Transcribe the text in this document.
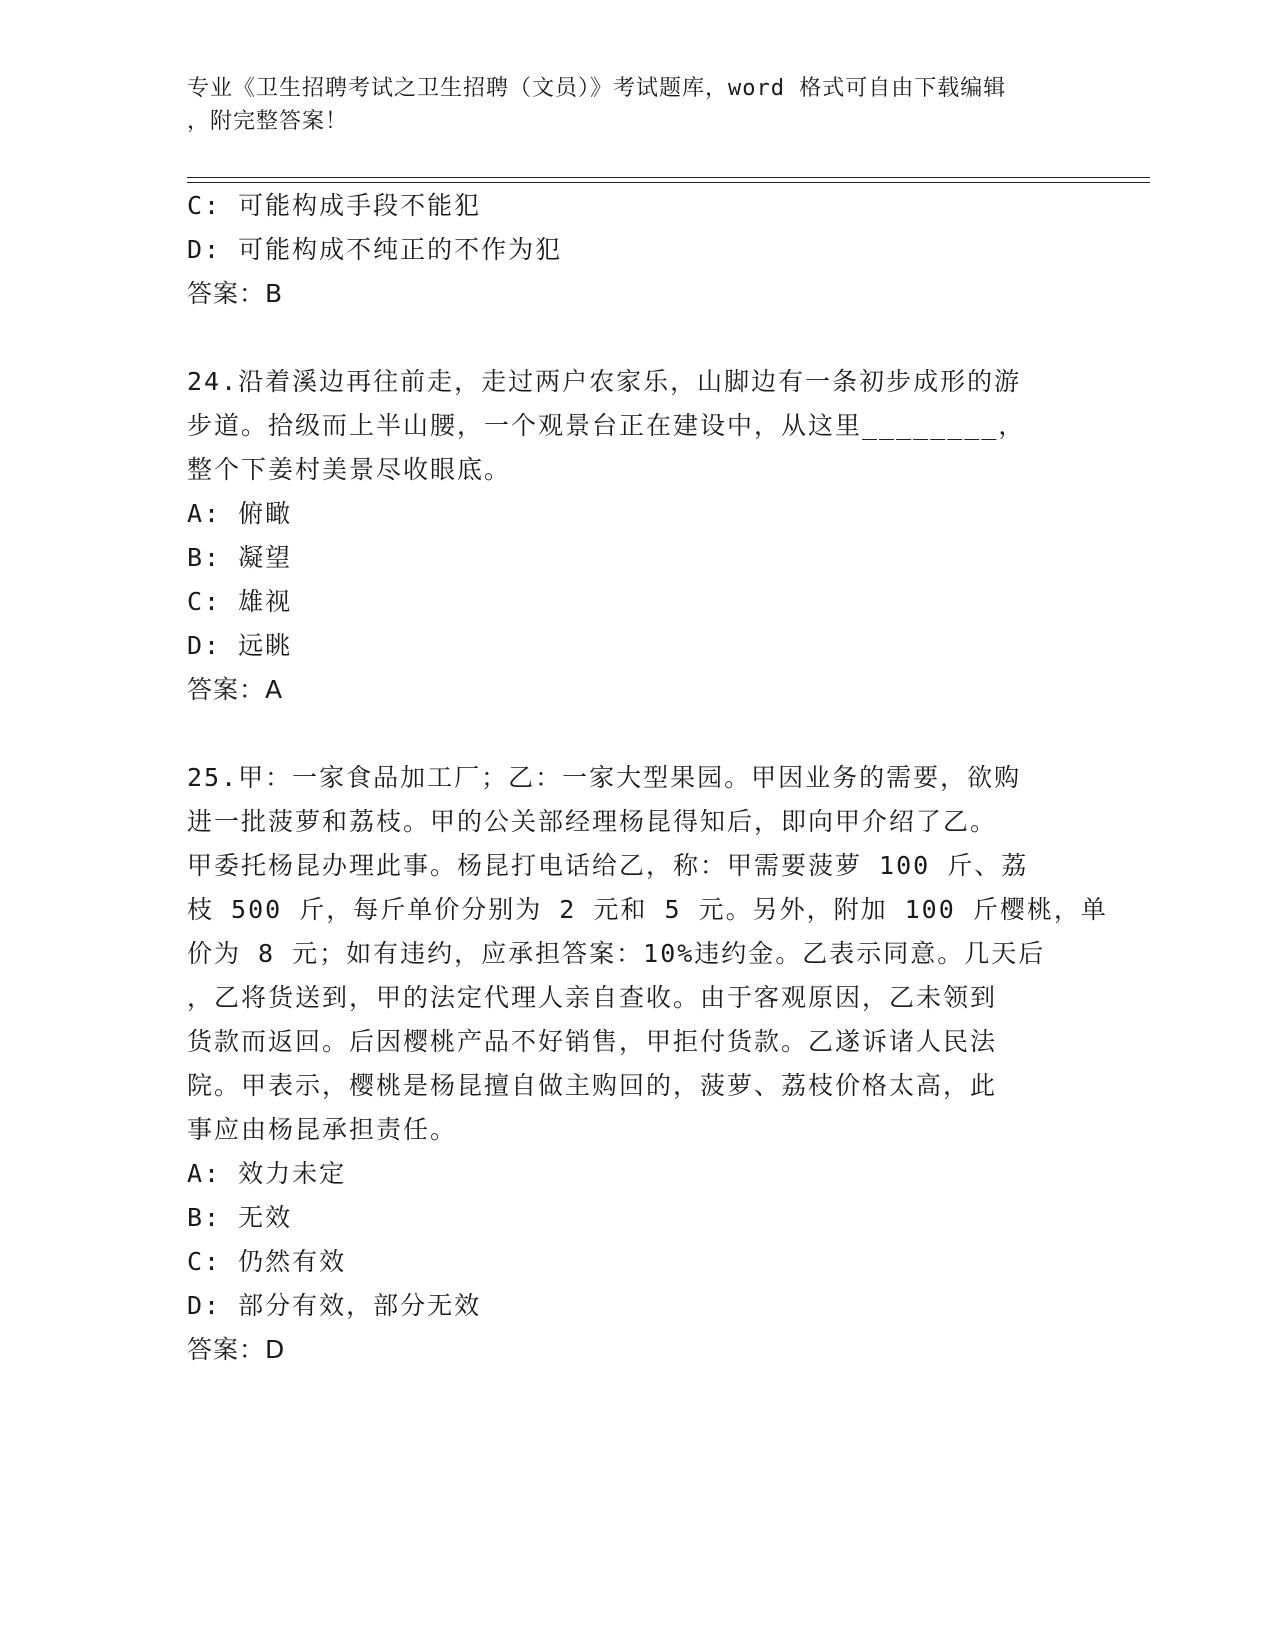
专业《卫生招聘考试之卫生招聘（文员）》考试题库，word 格式可自由下载编辑
，附完整答案！
C: 可能构成手段不能犯
D: 可能构成不纯正的不作为犯
答案：B
24.沿着溪边再往前走，走过两户农家乐，山脚边有一条初步成形的游
步道。拾级而上半山腰，一个观景台正在建设中，从这里________，
整个下姜村美景尽收眼底。
A: 俯瞰
B: 凝望
C: 雄视
D: 远眺
答案：A
25.甲：一家食品加工厂；乙：一家大型果园。甲因业务的需要，欲购
进一批菠萝和荔枝。甲的公关部经理杨昆得知后，即向甲介绍了乙。
甲委托杨昆办理此事。杨昆打电话给乙，称：甲需要菠萝 100 斤、荔
枝 500 斤，每斤单价分别为 2 元和 5 元。另外，附加 100 斤樱桃，单
价为 8 元；如有违约，应承担答案：10%违约金。乙表示同意。几天后
，乙将货送到，甲的法定代理人亲自查收。由于客观原因，乙未领到
货款而返回。后因樱桃产品不好销售，甲拒付货款。乙遂诉诸人民法
院。甲表示，樱桃是杨昆擅自做主购回的，菠萝、荔枝价格太高，此
事应由杨昆承担责任。
A: 效力未定
B: 无效
C: 仍然有效
D: 部分有效，部分无效
答案：D
